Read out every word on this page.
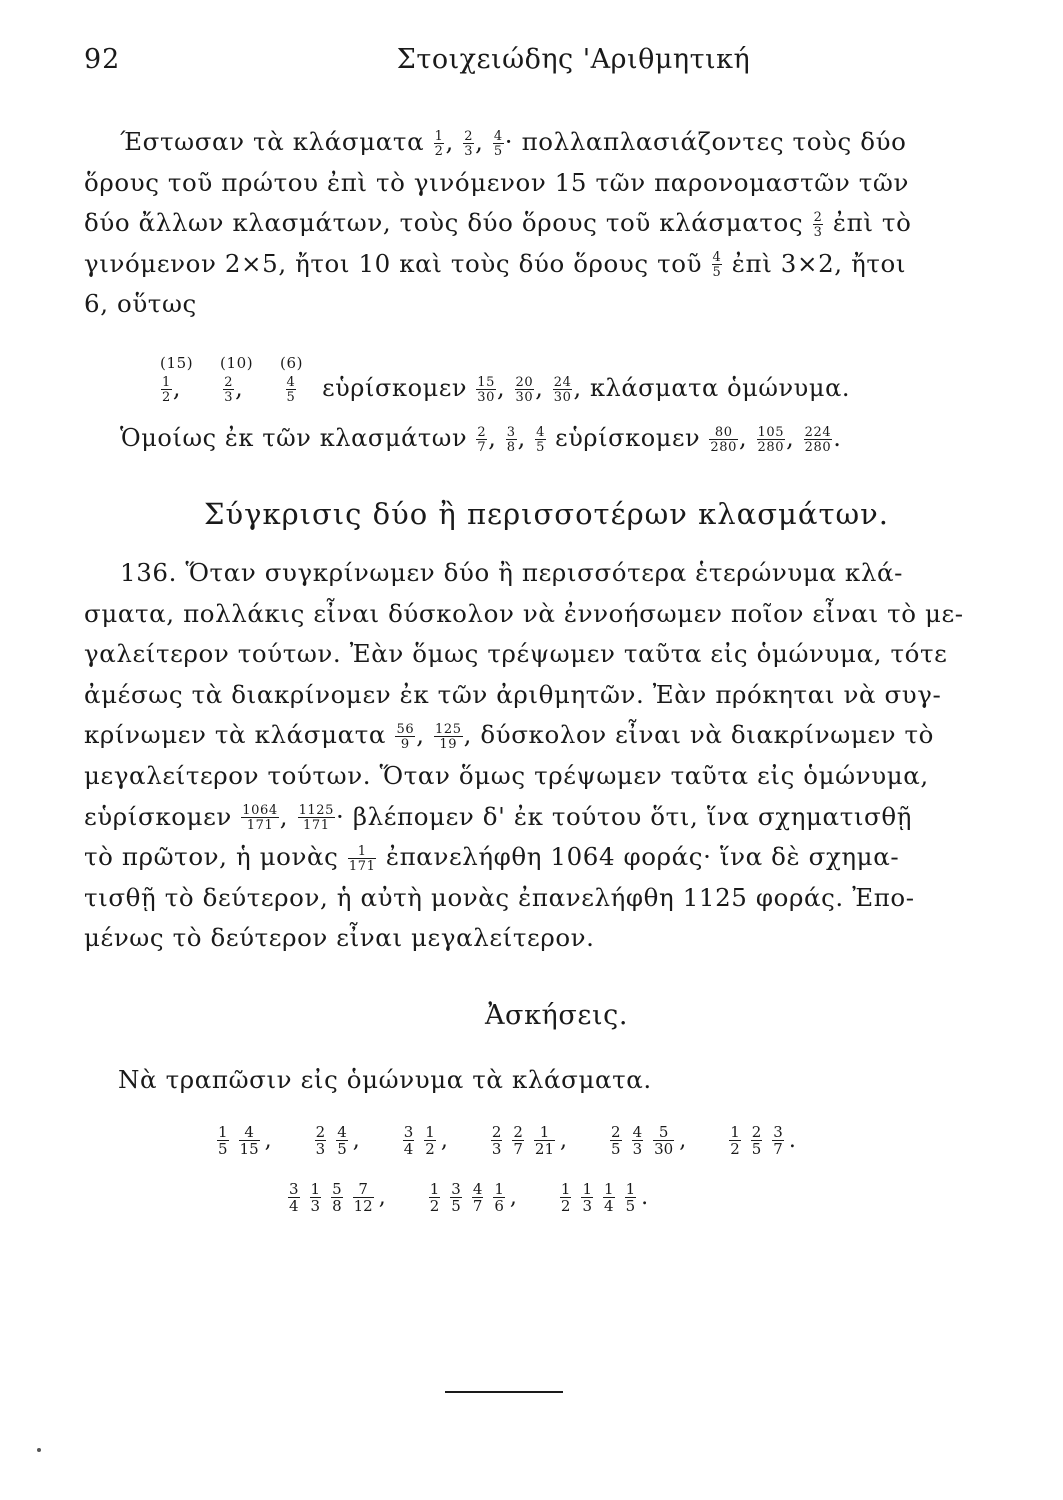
92	Στοιχειώδης 'Αριθμητική
Έστωσαν τὰ κλάσματα $\frac{1}{2}$ , $\frac{2}{3}$ , $\frac{4}{5} \cdot \pi o\lambda\lambda\alpha\pi\lambda\alpha\sigma\iota ά\zeta o\nu\tau\varepsilon\varsigma$ τοὺς δύο
ὅρους τοῦ πρώτου ἐπὶ τὸ γινόμενον 15 τῶν παρονομαστῶν τῶν
δύο ἄλλων κλασμάτων, τοὺς δύο ὅρους τοῦ κλάσματος $\frac{2}{3}$ ἐπὶ τὸ
γινόμενον 2×5, ἤτοι 10 καὶ τοὺς δύο ὅρους τοῦ $\frac{4}{5}$ ἐπὶ 3×2, ἤτοι
6, οὕτως
(15) (10) (6)
$\frac{1}{2}$ , $\frac{2}{3}$ , $\frac{4}{5}$ εὑρίσκομεν $\frac{15}{30}$ , $\frac{20}{30}$ , $\frac{24}{30}$ , κλάσματα ὁμώνυμα.
Ὁμοίως ἐκ τῶν κλασμάτων $\frac{2}{7}$ , $\frac{3}{8}$ , $\frac{4}{5}$ εὑρίσκομεν $\frac{80}{280}$ , $\frac{105}{280}$ , $\frac{224}{280}$ .
Σύγκρισις δύο ἢ περισσοτέρων κλασμάτων.
136. Ὅταν συγκρίνωμεν δύο ἢ περισσότερα ἑτερώνυμα κλά-
σματα, πολλάκις εἶναι δύσκολον νὰ ἐννοήσωμεν ποῖον εἶναι τὸ με-
γαλείτερον τούτων. Ἐὰν ὅμως τρέψωμεν ταῦτα εἰς ὁμώνυμα, τότε
ἀμέσως τὰ διακρίνομεν ἐκ τῶν ἀριθμητῶν. Ἐὰν πρόκηται νὰ συγ-
κρίνωμεν τὰ κλάσματα $\frac{56}{9}$ , $\frac{125}{19}$ , δύσκολον εἶναι νὰ διακρίνωμεν τὸ
μεγαλείτερον τούτων. Ὅταν ὅμως τρέψωμεν ταῦτα εἰς ὁμώνυμα,
εὑρίσκομεν $\frac{1064}{171}$ , $\frac{1125}{171} \cdot \beta\lambda έ\pi o\mu\varepsilon\nu$ δ' ἐκ τούτου ὅτι, ἵνα σχηματισθῇ
τὸ πρῶτον, ἡ μονὰς $\frac{1}{171}$ ἐπανελήφθη 1064 φοράς· ἵνα δὲ σχημα-
τισθῇ τὸ δεύτερον, ἡ αὐτὴ μονὰς ἐπανελήφθη 1125 φοράς. Ἐπο-
μένως τὸ δεύτερον εἶναι μεγαλείτερον.
Ἀσκήσεις.
Νὰ τραπῶσιν εἰς ὁμώνυμα τὰ κλάσματα.
$\frac{1}{5} \frac{4}{15}$ ,	$\frac{2}{3} \frac{4}{5}$ ,	$\frac{3}{4} \frac{1}{2}$ ,	$\frac{2}{3} \frac{2}{7} \frac{1}{21}$ ,	$\frac{2}{5} \frac{4}{3} \frac{5}{30}$ ,	$\frac{1}{2} \frac{2}{5} \frac{3}{7}$ .
$\frac{3}{4} \frac{1}{3} \frac{5}{8} \frac{7}{12}$ ,	$\frac{1}{2} \frac{3}{5} \frac{4}{7} \frac{1}{6}$ ,	$\frac{1}{2} \frac{1}{3} \frac{1}{4} \frac{1}{5}$ .
